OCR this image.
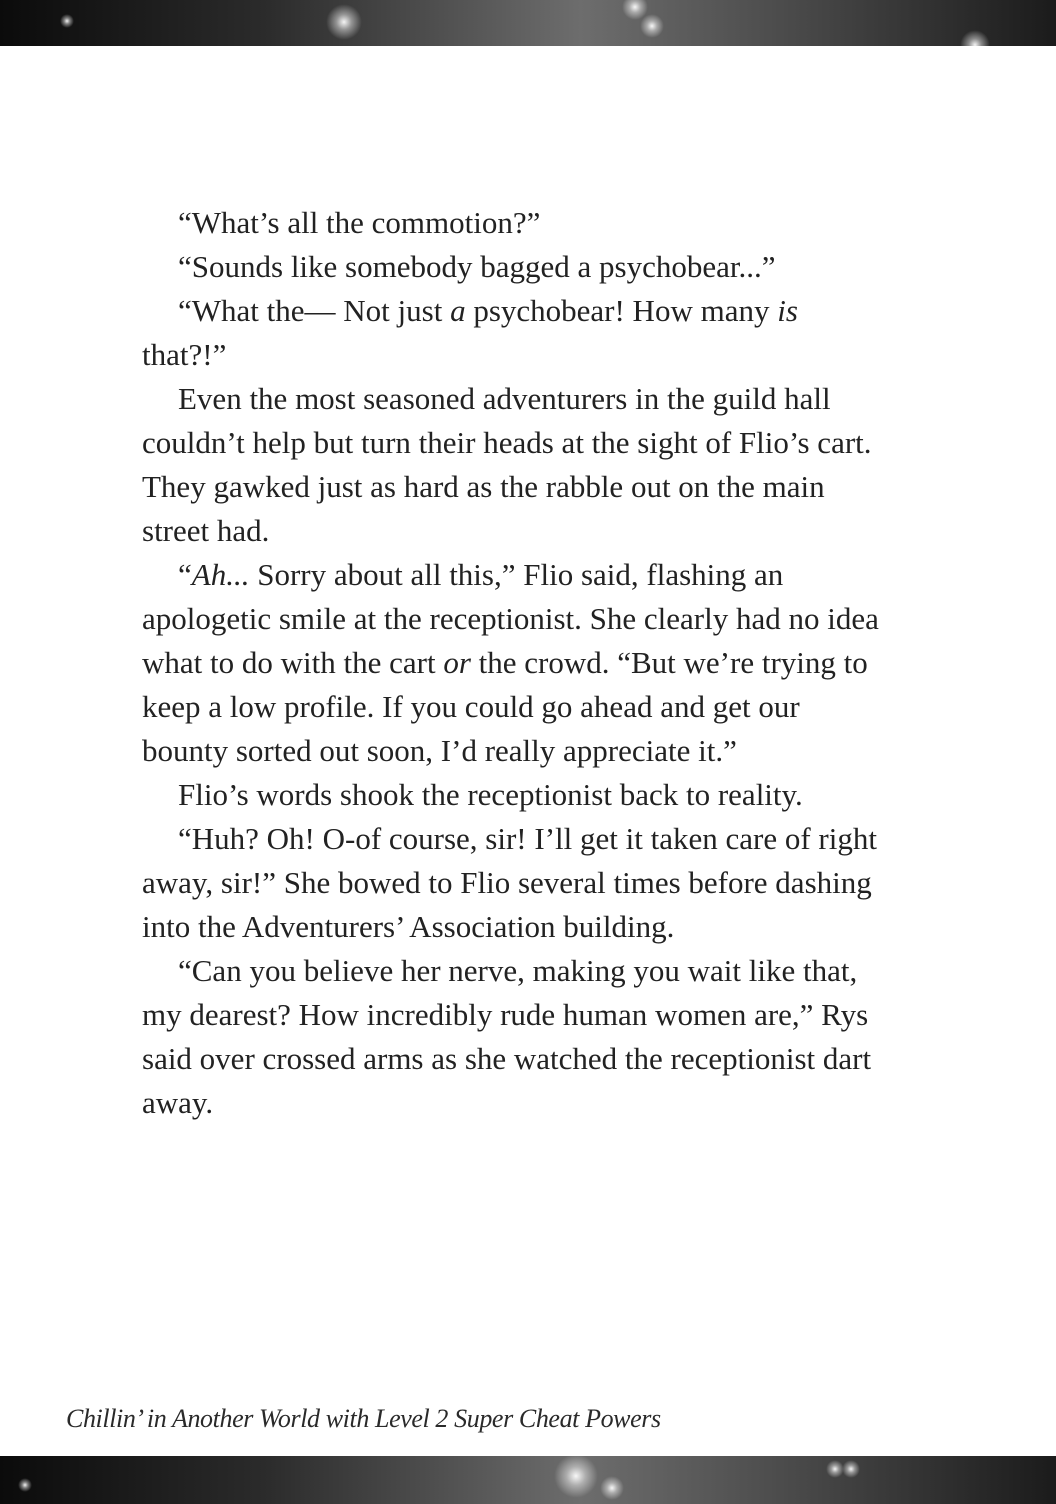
“What’s all the commotion?”

“Sounds like somebody bagged a psychobear...”

“What the— Not just a psychobear! How many is that?!”

Even the most seasoned adventurers in the guild hall couldn’t help but turn their heads at the sight of Flio’s cart. They gawked just as hard as the rabble out on the main street had.

“Ah... Sorry about all this,” Flio said, flashing an apologetic smile at the receptionist. She clearly had no idea what to do with the cart or the crowd. “But we’re trying to keep a low profile. If you could go ahead and get our bounty sorted out soon, I’d really appreciate it.”

Flio’s words shook the receptionist back to reality.

“Huh? Oh! O-of course, sir! I’ll get it taken care of right away, sir!” She bowed to Flio several times before dashing into the Adventurers’ Association building.

“Can you believe her nerve, making you wait like that, my dearest? How incredibly rude human women are,” Rys said over crossed arms as she watched the receptionist dart away.

Chillin’ in Another World with Level 2 Super Cheat Powers
